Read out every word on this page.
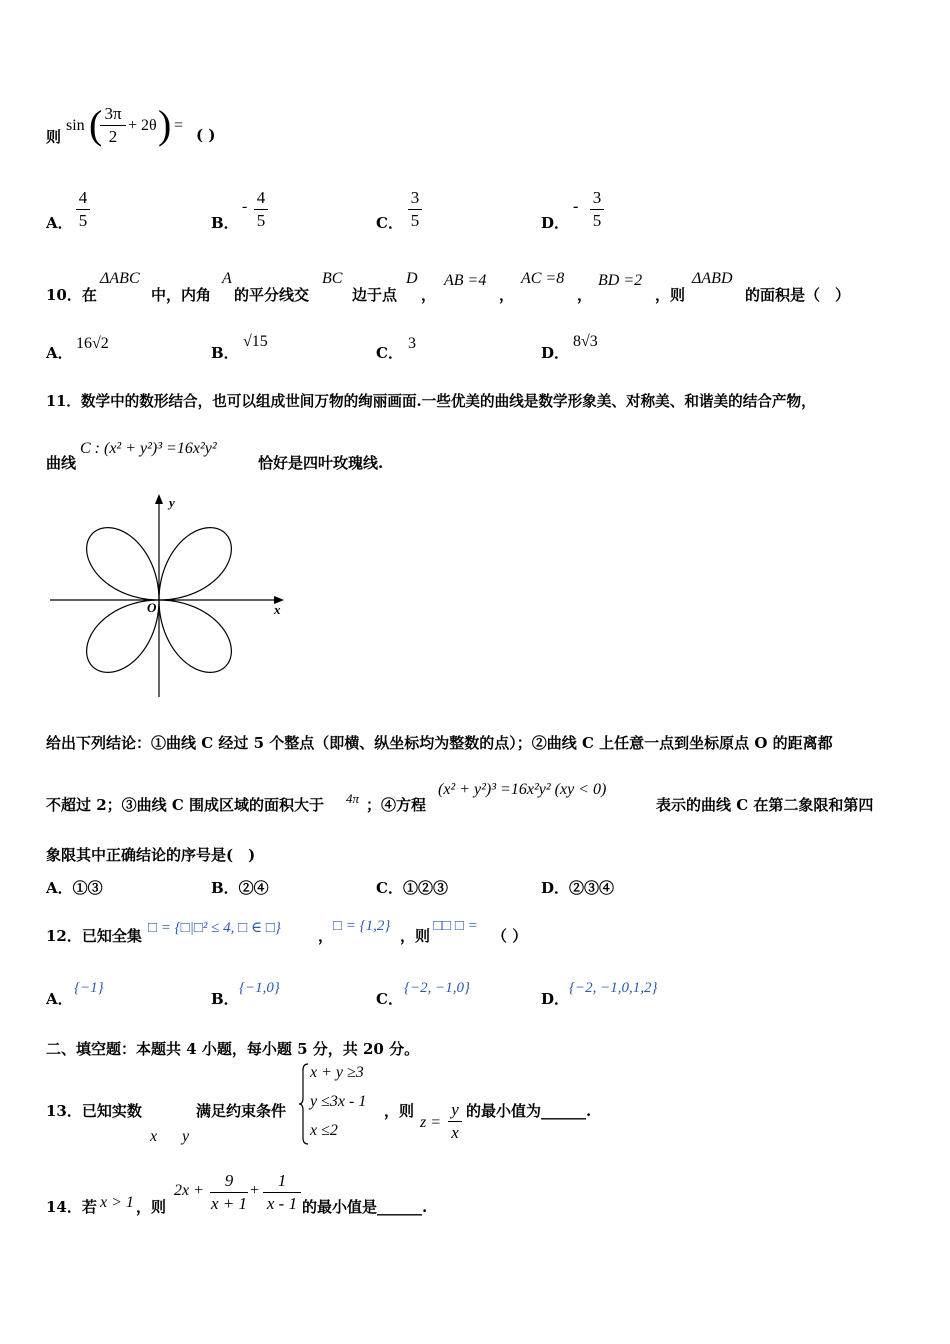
则
sin ( 3π
2
+ 2θ ) =
( )
A．
4
5	B．
- 4
5	C．
3
5	D．
- 3
5
10．在
ΔABC
中，内角
A
的平分线交
BC
边于点
D
，
AB =4
，
AC =8
，
BD =2
，则
ΔABD
的面积是（　）
A．
16√2
B．
√15
C．
3
D．
8√3
11．数学中的数形结合，也可以组成世间万物的绚丽画面.一些优美的曲线是数学形象美、对称美、和谐美的结合产物，
曲线
C : (x² + y²)³ =16x²y²
恰好是四叶玫瑰线.
y
x
O
给出下列结论：①曲线 C 经过 5 个整点（即横、纵坐标均为整数的点）；②曲线 C 上任意一点到坐标原点 O 的距离都
不超过 2；③曲线 C 围成区域的面积大于 4π ；④方程
(x² + y²)³ =16x²y² (xy < 0)
表示的曲线 C 在第二象限和第四
象限其中正确结论的序号是(　)
A．①③	B．②④	C．①②③	D．②③④
12．已知全集 □ = {□|□² ≤ 4, □ ∈ □} ，
□ = {1,2}
，则
□□ □ =
（ ）
A．
{−1}
B．
{−1,0}
C．
{−2, −1,0}
D．
{−2, −1,0,1,2}
二、填空题：本题共 4 小题，每小题 5 分，共 20 分。
13．已知实数
x y
满足约束条件
x + y ≥3
y ≤3x - 1
x ≤2
，则
z =
y
x
的最小值为______.
14．若 x > 1 ，则
2x +
9
x + 1
+
1
x - 1 的最小值是______.
